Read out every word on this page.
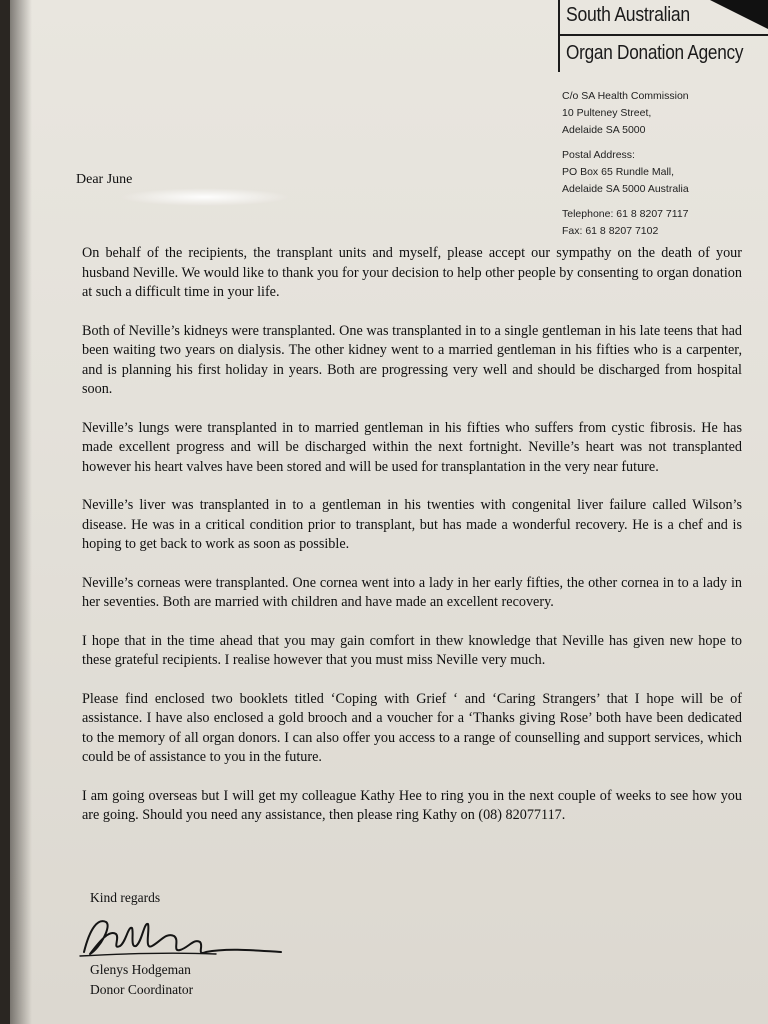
South Australian
Organ Donation Agency
C/o SA Health Commission
10 Pulteney Street,
Adelaide SA 5000
Postal Address:
PO Box 65 Rundle Mall,
Adelaide SA 5000 Australia
Telephone: 61 8 8207 7117
Fax: 61 8 8207 7102
Dear June

On behalf of the recipients, the transplant units and myself, please accept our sympathy on the death of your husband Neville. We would like to thank you for your decision to help other people by consenting to organ donation at such a difficult time in your life.

Both of Neville’s kidneys were transplanted. One was transplanted in to a single gentleman in his late teens that had been waiting two years on dialysis. The other kidney went to a married gentleman in his fifties who is a carpenter, and is planning his first holiday in years. Both are progressing very well and should be discharged from hospital soon.

Neville’s lungs were transplanted in to married gentleman in his fifties who suffers from cystic fibrosis. He has made excellent progress and will be discharged within the next fortnight. Neville’s heart was not transplanted however his heart valves have been stored and will be used for transplantation in the very near future.

Neville’s liver was transplanted in to a gentleman in his twenties with congenital liver failure called Wilson’s disease. He was in a critical condition prior to transplant, but has made a wonderful recovery. He is a chef and is hoping to get back to work as soon as possible.

Neville’s corneas were transplanted. One cornea went into a lady in her early fifties, the other cornea in to a lady in her seventies. Both are married with children and have made an excellent recovery.

I hope that in the time ahead that you may gain comfort in thew knowledge that Neville has given new hope to these grateful recipients. I realise however that you must miss Neville very much.

Please find enclosed two booklets titled ‘Coping with Grief ‘ and ‘Caring Strangers’ that I hope will be of assistance. I have also enclosed a gold brooch and a voucher for a ‘Thanks giving Rose’ both have been dedicated to the memory of all organ donors. I can also offer you access to a range of counselling and support services, which could be of assistance to you in the future.

I am going overseas but I will get my colleague Kathy Hee to ring you in the next couple of weeks to see how you are going. Should you need any assistance, then please ring Kathy on (08) 82077117.

Kind regards
Glenys Hodgeman
Donor Coordinator
